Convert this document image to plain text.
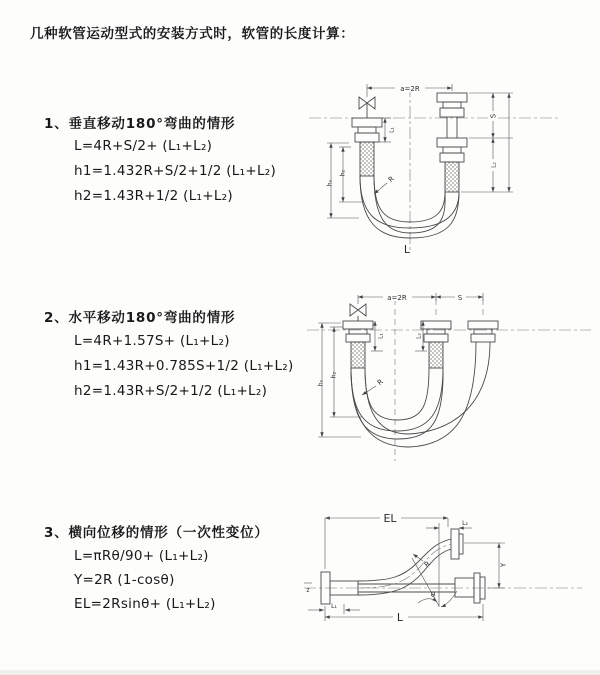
几种软管运动型式的安装方式时，软管的长度计算：
1、垂直移动180°弯曲的情形
L=4R+S/2+ (L₁+L₂)
h1=1.432R+S/2+1/2 (L₁+L₂)
h2=1.43R+1/2 (L₁+L₂)
2、水平移动180°弯曲的情形
L=4R+1.57S+ (L₁+L₂)
h1=1.43R+0.785S+1/2 (L₁+L₂)
h2=1.43R+S/2+1/2 (L₁+L₂)
3、横向位移的情形（一次性变位）
L=πRθ/90+ (L₁+L₂)
Y=2R (1-cosθ)
EL=2Rsinθ+ (L₁+L₂)
a=2R
L₁
S
L₂
h₁
h₂
R
L
a=2R	S
L₁	L₂
h₁
h₂
R
EL	L₂
Y
z
R
θ
L
L₁
